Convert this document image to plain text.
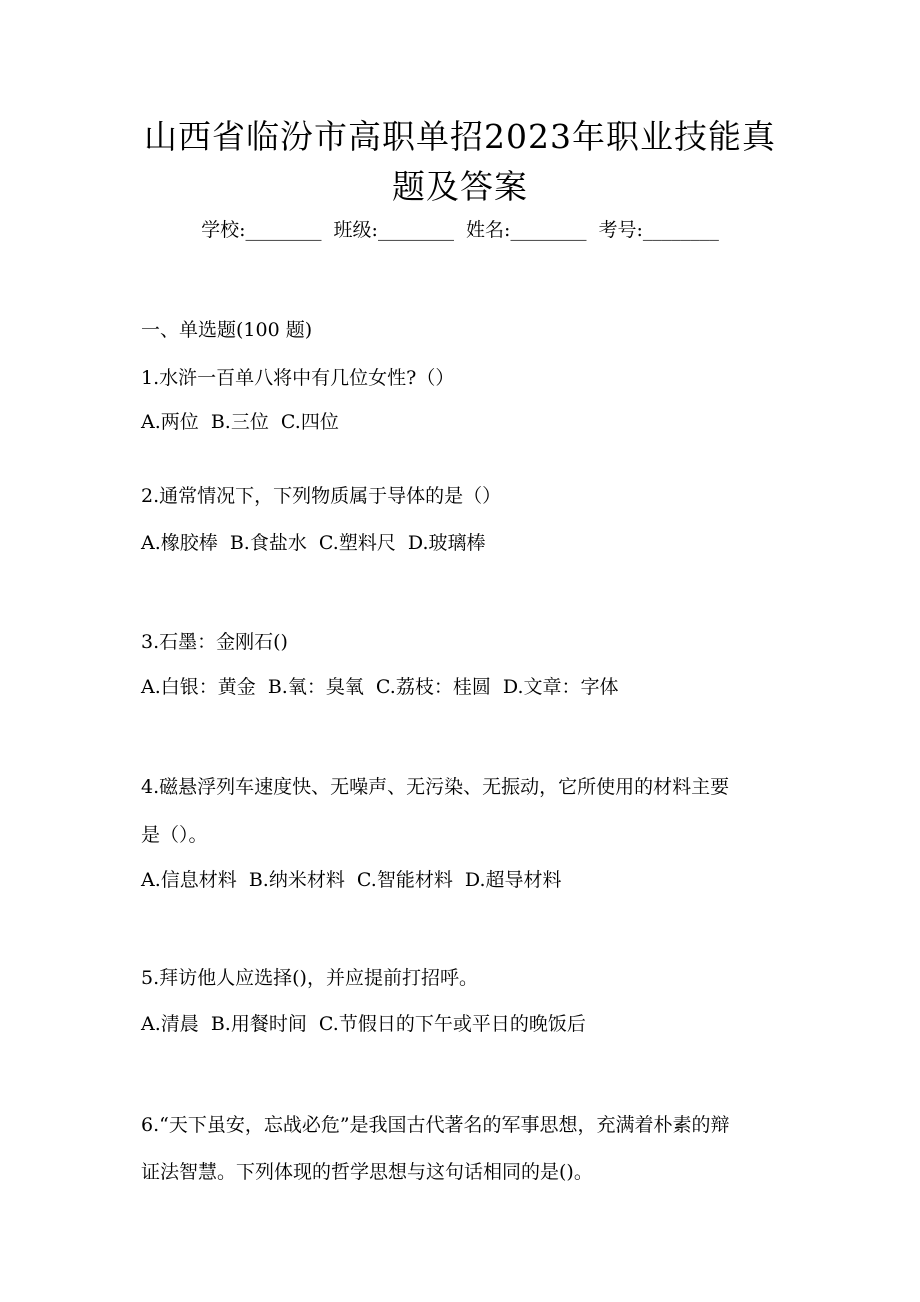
山西省临汾市高职单招2023年职业技能真
题及答案
学校:________  班级:________  姓名:________  考号:________
一、单选题(100 题)
1.水浒一百单八将中有几位女性?（）
A.两位  B.三位  C.四位
2.通常情况下，下列物质属于导体的是（）
A.橡胶棒  B.食盐水  C.塑料尺  D.玻璃棒
3.石墨：金刚石()
A.白银：黄金  B.氧：臭氧  C.荔枝：桂圆  D.文章：字体
4.磁悬浮列车速度快、无噪声、无污染、无振动，它所使用的材料主要
是（）。
A.信息材料  B.纳米材料  C.智能材料  D.超导材料
5.拜访他人应选择()，并应提前打招呼。
A.清晨  B.用餐时间  C.节假日的下午或平日的晚饭后
6.“天下虽安，忘战必危”是我国古代著名的军事思想，充满着朴素的辩
证法智慧。下列体现的哲学思想与这句话相同的是()。
